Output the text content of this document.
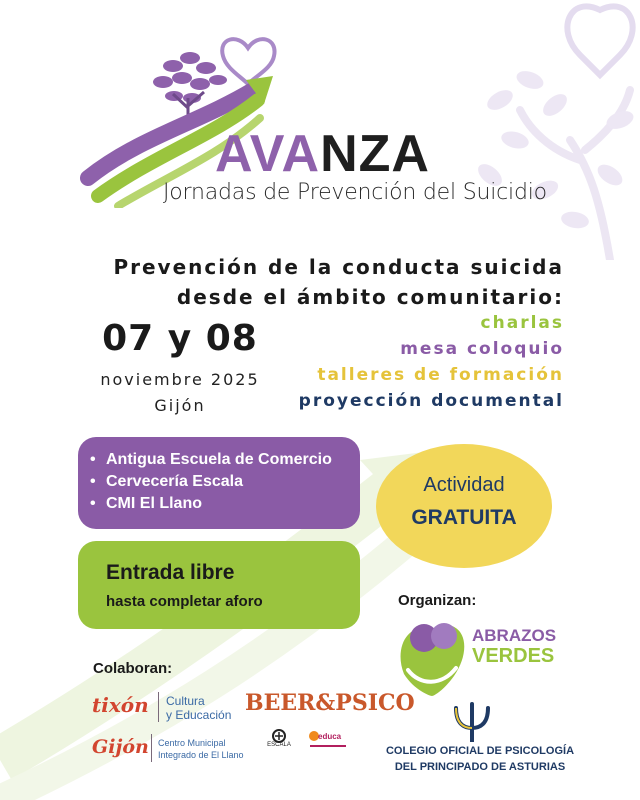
AVANZA
Jornadas de Prevención del Suicidio
Prevención de la conducta suicida
desde el ámbito comunitario:
07 y 08
noviembre 2025
Gijón
charlas
mesa coloquio
talleres de formación
proyección documental
• Antigua Escuela de Comercio
• Cervecería Escala
• CMI El Llano
Entrada libre
hasta completar aforo
Actividad
GRATUITA
Organizan:
ABRAZOS
VERDES
COLEGIO OFICIAL DE PSICOLOGÍA
DEL PRINCIPADO DE ASTURIAS
Colaboran:
tixón Cultura
y Educación BEER&PSICO
Gijón Centro Municipal
Integrado de El Llano
ESCALA
educa
